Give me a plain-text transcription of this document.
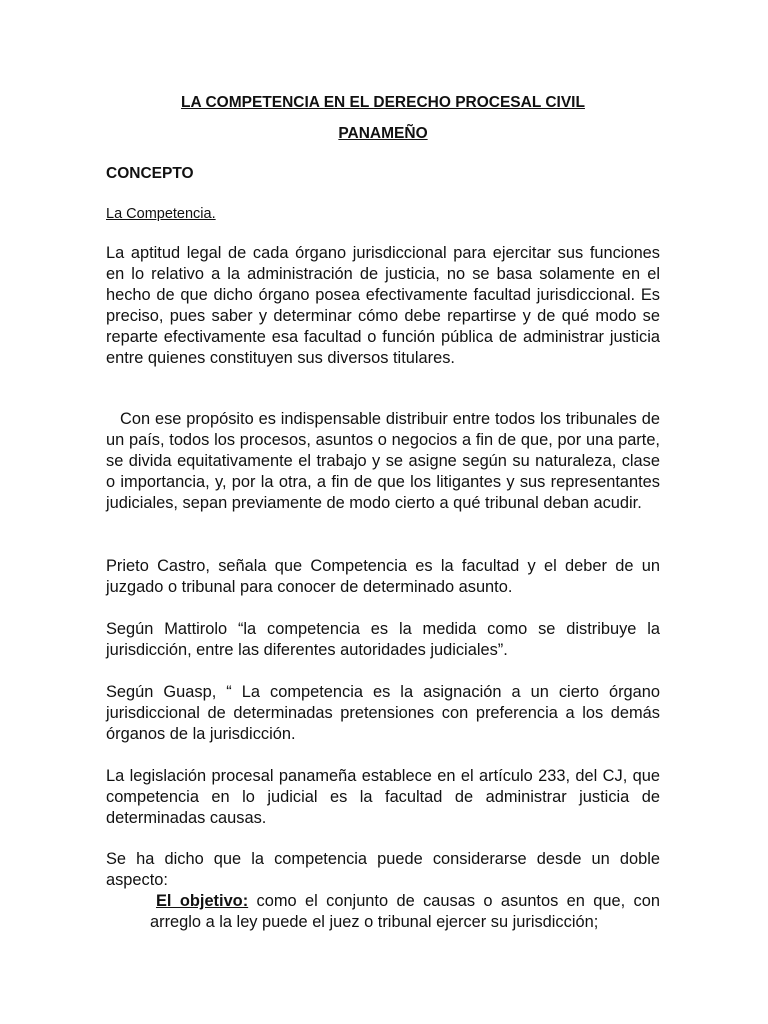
LA COMPETENCIA EN EL DERECHO PROCESAL CIVIL
PANAMEÑO
CONCEPTO

La Competencia.

La aptitud legal de cada órgano jurisdiccional para ejercitar sus funciones en lo relativo a la administración de justicia, no se basa solamente en el hecho de que dicho órgano posea efectivamente facultad jurisdiccional. Es preciso, pues saber y determinar cómo debe repartirse y de qué modo se reparte efectivamente esa facultad o función pública de administrar justicia entre quienes constituyen sus diversos titulares.

Con ese propósito es indispensable distribuir entre todos los tribunales de un país, todos los procesos, asuntos o negocios a fin de que, por una parte, se divida equitativamente el trabajo y se asigne según su naturaleza, clase o importancia, y, por la otra, a fin de que los litigantes y sus representantes judiciales, sepan previamente de modo cierto a qué tribunal deban acudir.

Prieto Castro, señala que Competencia es la facultad y el deber de un juzgado o tribunal para conocer de determinado asunto.

Según Mattirolo “la competencia es la medida como se distribuye la jurisdicción, entre las diferentes autoridades judiciales”.

Según Guasp, “ La competencia es la asignación a un cierto órgano jurisdiccional de determinadas pretensiones con preferencia a los demás órganos de la jurisdicción.

La legislación procesal panameña establece en el artículo 233, del CJ, que competencia en lo judicial es la facultad de administrar justicia de determinadas causas.

Se ha dicho que la competencia puede considerarse desde un doble aspecto:

El objetivo: como el conjunto de causas o asuntos en que, con arreglo a la ley puede el juez o tribunal ejercer su jurisdicción;
